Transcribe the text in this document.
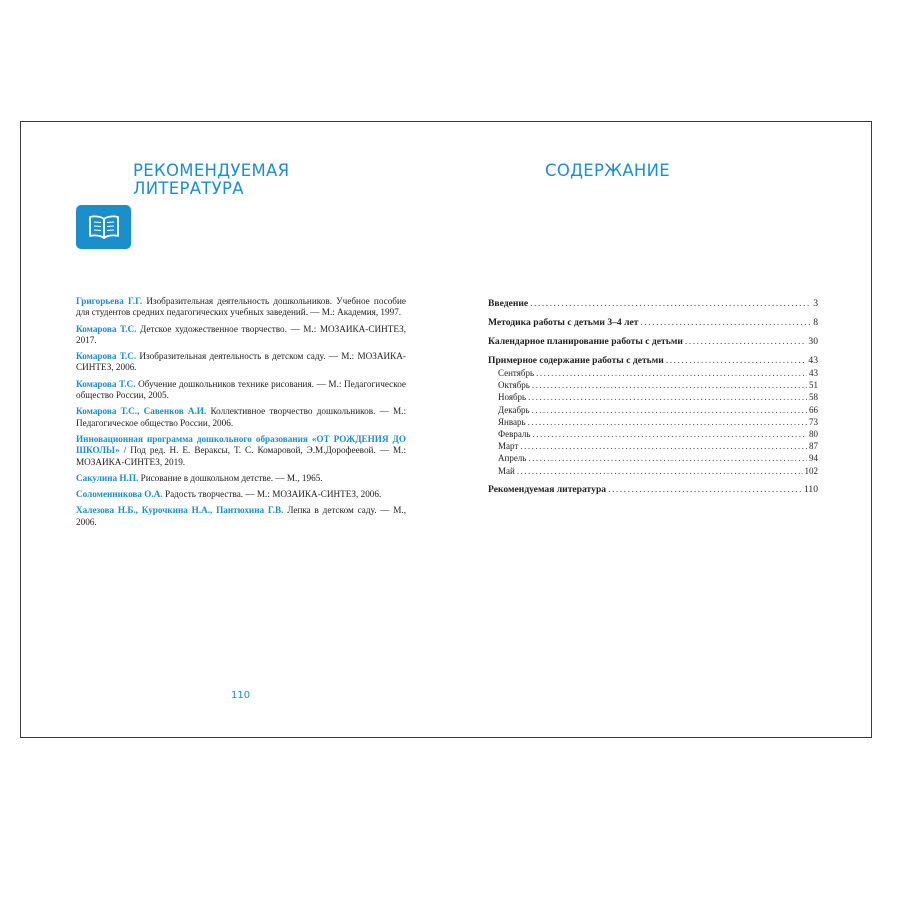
РЕКОМЕНДУЕМАЯ
ЛИТЕРАТУРА

Григорьева Г.Г. Изобразительная деятельность дошкольников. Учебное пособие для студентов средних педагогических учебных заведений. — М.: Академия, 1997.

Комарова Т.С. Детское художественное творчество. — М.: МОЗАИКА-СИНТЕЗ, 2017.

Комарова Т.С. Изобразительная деятельность в детском саду. — М.: МОЗАИКА-СИНТЕЗ, 2006.

Комарова Т.С. Обучение дошкольников технике рисования. — М.: Педагогическое общество России, 2005.

Комарова Т.С., Савенков А.И. Коллективное творчество дошкольников. — М.: Педагогическое общество России, 2006.

Инновационная программа дошкольного образования «ОТ РОЖДЕНИЯ ДО ШКОЛЫ» / Под ред. Н. Е. Вераксы, Т. С. Комаровой, Э.М.Дорофеевой. — М.: МОЗАИКА-СИНТЕЗ, 2019.

Сакулина Н.П. Рисование в дошкольном детстве. — М., 1965.

Соломенникова О.А. Радость творчества. — М.: МОЗАИКА-СИНТЕЗ, 2006.

Халезова Н.Б., Курочкина Н.А., Пантюхина Г.В. Лепка в детском саду. — М., 2006.

110
СОДЕРЖАНИЕ
Введение .....	3
Методика работы с детьми 3–4 лет .....	8
Календарное планирование работы с детьми .....	30
Примерное содержание работы с детьми .....	43
Сентябрь .....	43
Октябрь .....	51
Ноябрь .....	58
Декабрь .....	66
Январь .....	73
Февраль .....	80
Март .....	87
Апрель .....	94
Май .....	102
Рекомендуемая литература .....	110
